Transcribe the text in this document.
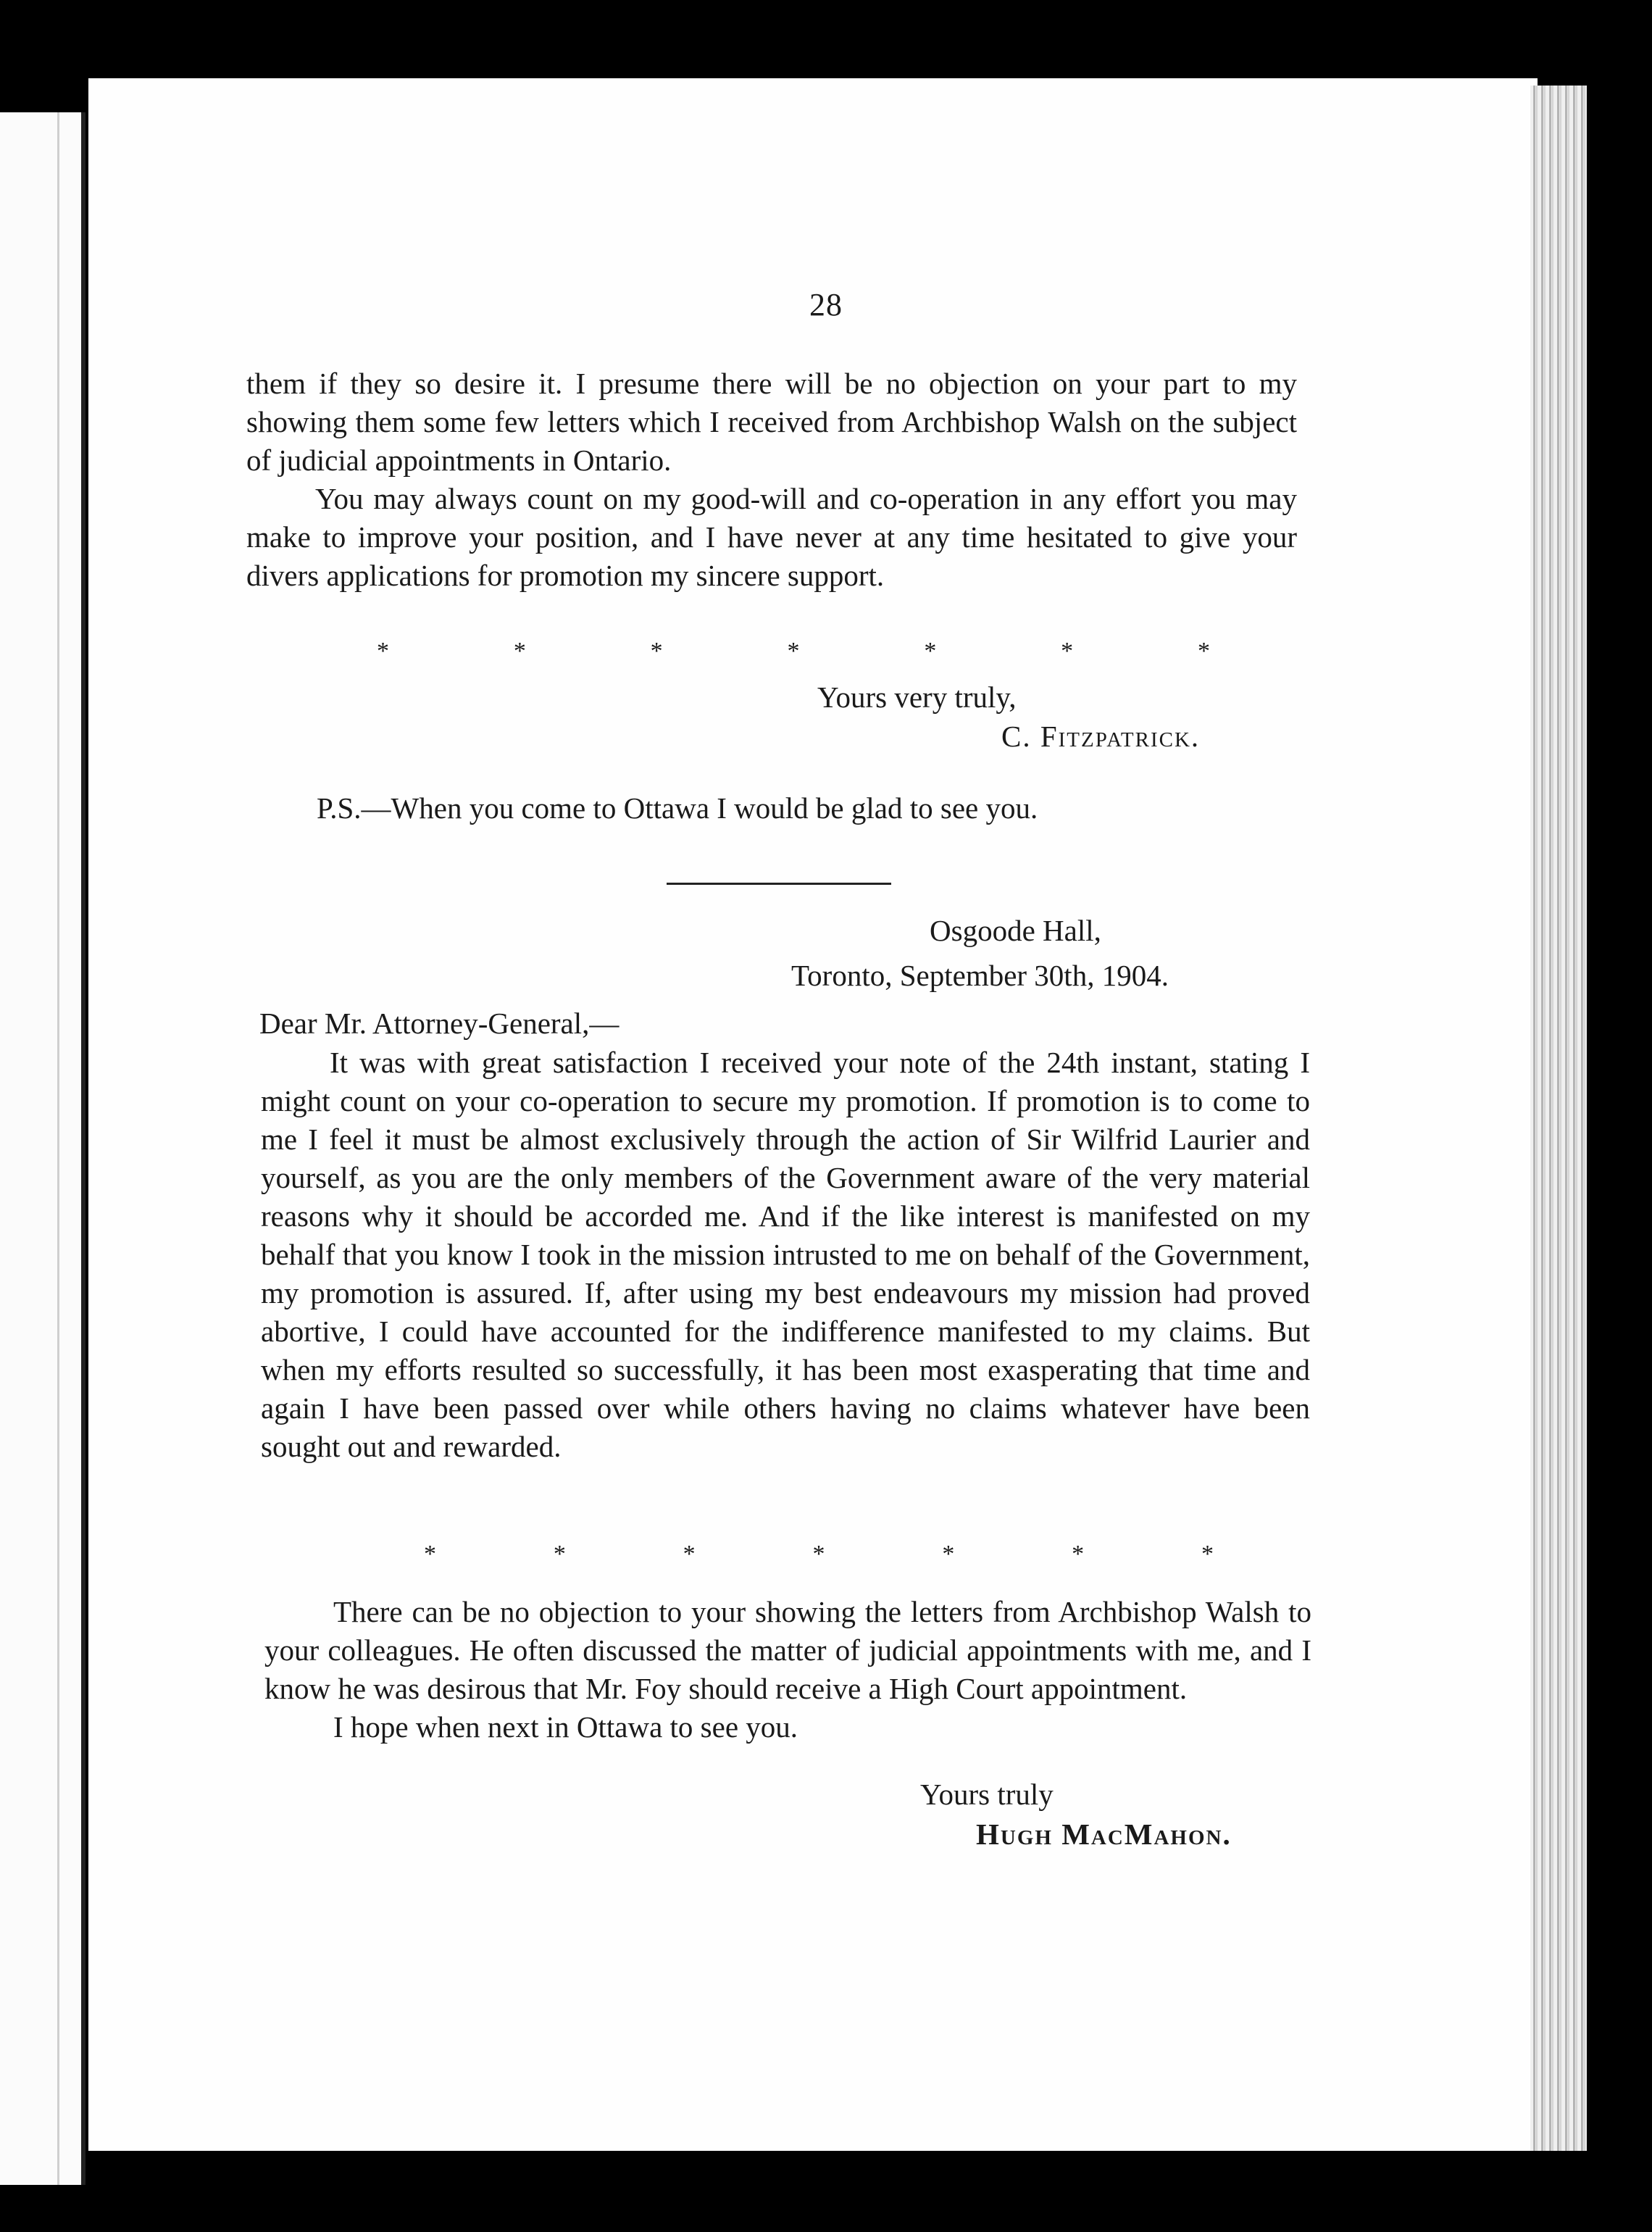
28

them if they so desire it. I presume there will be no objection on your part to my showing them some few letters which I received from Archbishop Walsh on the subject of judicial appointments in Ontario.

You may always count on my good-will and co-operation in any effort you may make to improve your position, and I have never at any time hesitated to give your divers applications for promotion my sincere support.

*	*	*	*	*	*	*
Yours very truly,
C. Fitzpatrick.
P.S.—When you come to Ottawa I would be glad to see you.
Osgoode Hall,
Toronto, September 30th, 1904.
Dear Mr. Attorney-General,—

It was with great satisfaction I received your note of the 24th instant, stating I might count on your co-operation to secure my promotion. If promotion is to come to me I feel it must be almost exclusively through the action of Sir Wilfrid Laurier and yourself, as you are the only members of the Government aware of the very material reasons why it should be accorded me. And if the like interest is manifested on my behalf that you know I took in the mission intrusted to me on behalf of the Government, my promotion is assured. If, after using my best endeavours my mission had proved abortive, I could have accounted for the indifference manifested to my claims. But when my efforts resulted so successfully, it has been most exasperating that time and again I have been passed over while others having no claims whatever have been sought out and rewarded.

*	*	*	*	*	*	*

There can be no objection to your showing the letters from Archbishop Walsh to your colleagues. He often discussed the matter of judicial appointments with me, and I know he was desirous that Mr. Foy should receive a High Court appointment.

I hope when next in Ottawa to see you.

Yours truly
Hugh MacMahon.
